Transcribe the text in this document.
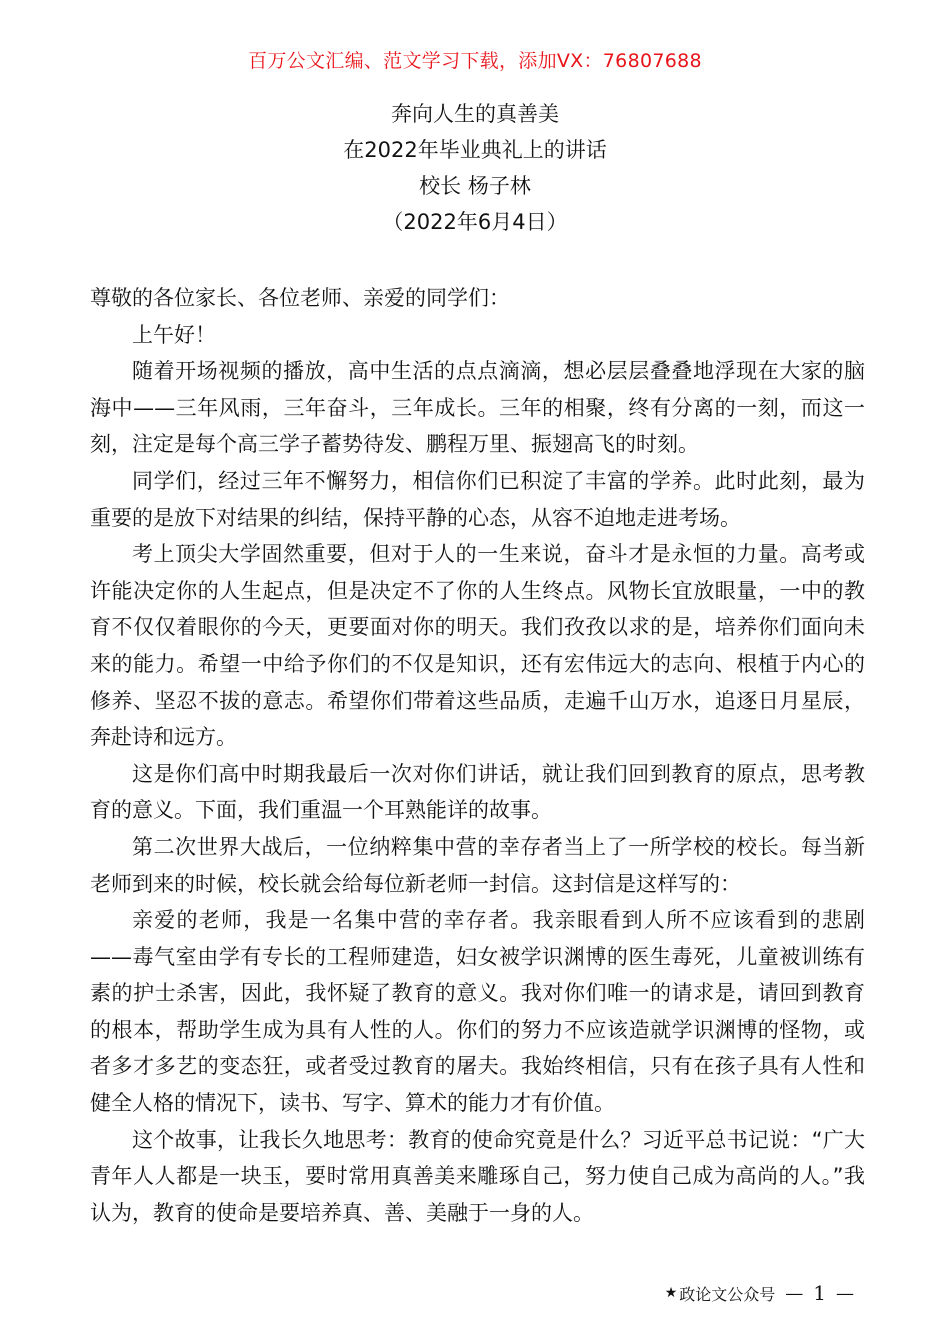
百万公文汇编、范文学习下载，添加VX：76807688

奔向人生的真善美

在2022年毕业典礼上的讲话

校长 杨子林

（2022年6月4日）

尊敬的各位家长、各位老师、亲爱的同学们：

上午好！

随着开场视频的播放，高中生活的点点滴滴，想必层层叠叠地浮现在大家的脑海中——三年风雨，三年奋斗，三年成长。三年的相聚，终有分离的一刻，而这一刻，注定是每个高三学子蓄势待发、鹏程万里、振翅高飞的时刻。

同学们，经过三年不懈努力，相信你们已积淀了丰富的学养。此时此刻，最为重要的是放下对结果的纠结，保持平静的心态，从容不迫地走进考场。

考上顶尖大学固然重要，但对于人的一生来说，奋斗才是永恒的力量。高考或许能决定你的人生起点，但是决定不了你的人生终点。风物长宜放眼量，一中的教育不仅仅着眼你的今天，更要面对你的明天。我们孜孜以求的是，培养你们面向未来的能力。希望一中给予你们的不仅是知识，还有宏伟远大的志向、根植于内心的修养、坚忍不拔的意志。希望你们带着这些品质，走遍千山万水，追逐日月星辰，奔赴诗和远方。

这是你们高中时期我最后一次对你们讲话，就让我们回到教育的原点，思考教育的意义。下面，我们重温一个耳熟能详的故事。

第二次世界大战后，一位纳粹集中营的幸存者当上了一所学校的校长。每当新老师到来的时候，校长就会给每位新老师一封信。这封信是这样写的：

亲爱的老师，我是一名集中营的幸存者。我亲眼看到人所不应该看到的悲剧——毒气室由学有专长的工程师建造，妇女被学识渊博的医生毒死，儿童被训练有素的护士杀害，因此，我怀疑了教育的意义。我对你们唯一的请求是，请回到教育的根本，帮助学生成为具有人性的人。你们的努力不应该造就学识渊博的怪物，或者多才多艺的变态狂，或者受过教育的屠夫。我始终相信，只有在孩子具有人性和健全人格的情况下，读书、写字、算术的能力才有价值。

这个故事，让我长久地思考：教育的使命究竟是什么？习近平总书记说：“广大青年人人都是一块玉，要时常用真善美来雕琢自己，努力使自己成为高尚的人。”我认为，教育的使命是要培养真、善、美融于一身的人。

★ 政论文公众号 — 1 —
